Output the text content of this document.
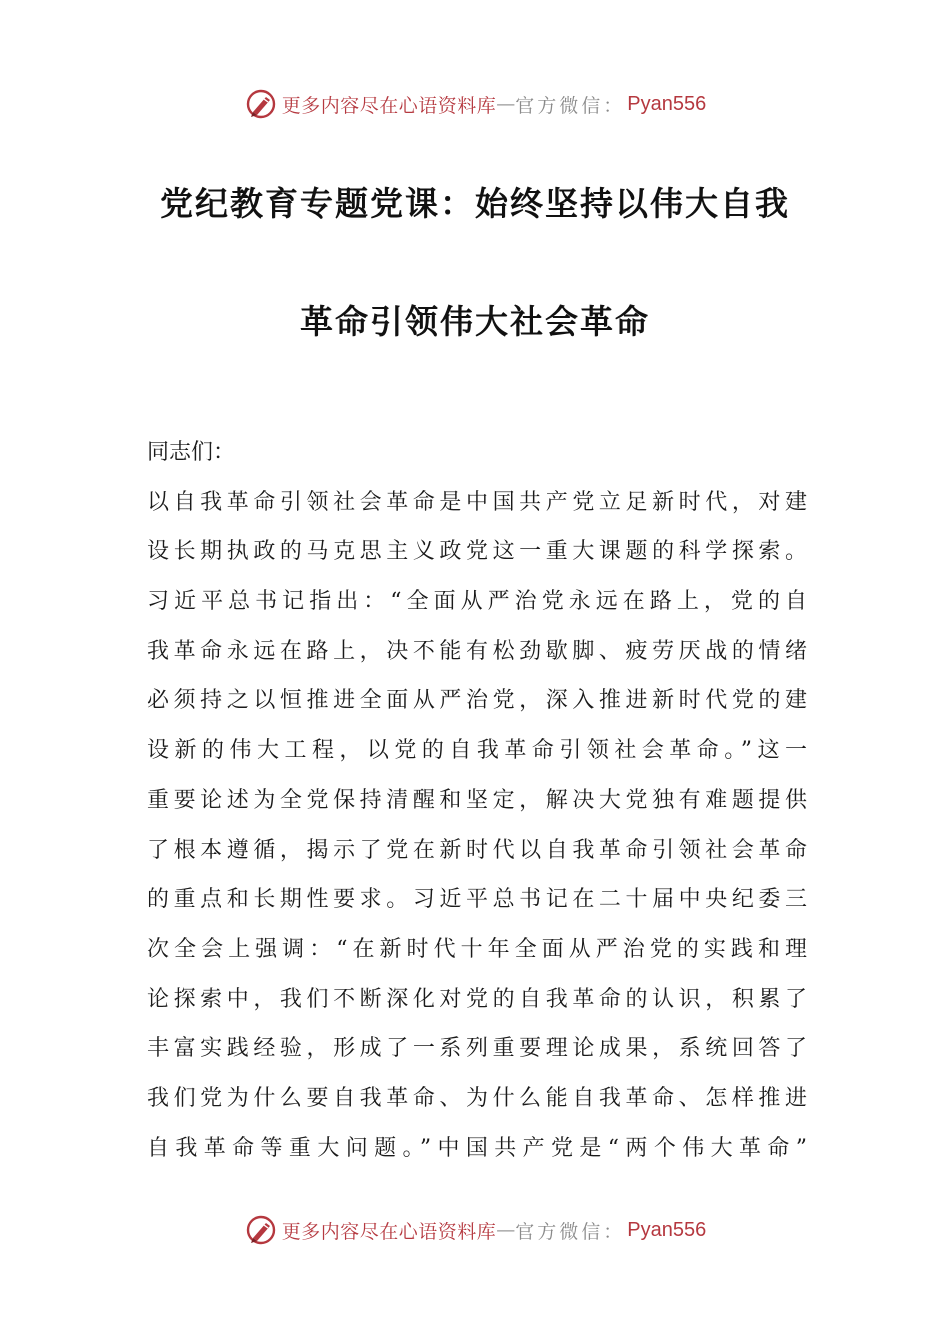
更多内容尽在心语资料库 — 官方微信： Pyan556
党纪教育专题党课：始终坚持以伟大自我
革命引领伟大社会革命
同志们：
以自我革命引领社会革命是中国共产党立足新时代，对建
设长期执政的马克思主义政党这一重大课题的科学探索。
习近平总书记指出：“全面从严治党永远在路上，党的自
我革命永远在路上，决不能有松劲歇脚、疲劳厌战的情绪
必须持之以恒推进全面从严治党，深入推进新时代党的建
设新的伟大工程，以党的自我革命引领社会革命。”这一
重要论述为全党保持清醒和坚定，解决大党独有难题提供
了根本遵循，揭示了党在新时代以自我革命引领社会革命
的重点和长期性要求。习近平总书记在二十届中央纪委三
次全会上强调：“在新时代十年全面从严治党的实践和理
论探索中，我们不断深化对党的自我革命的认识，积累了
丰富实践经验，形成了一系列重要理论成果，系统回答了
我们党为什么要自我革命、为什么能自我革命、怎样推进
自我革命等重大问题。”中国共产党是“两个伟大革命”
更多内容尽在心语资料库 — 官方微信： Pyan556
